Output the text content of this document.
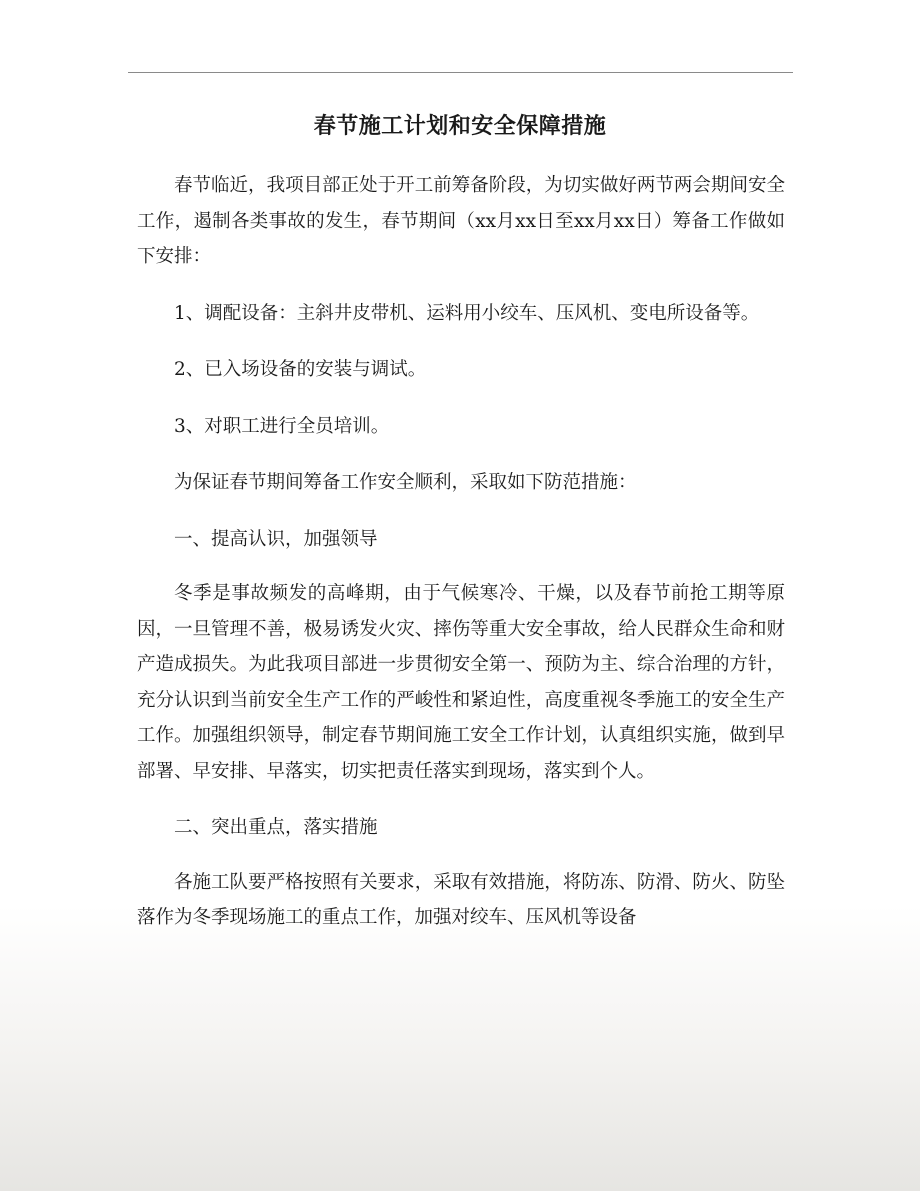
春节施工计划和安全保障措施

春节临近，我项目部正处于开工前筹备阶段，为切实做好两节两会期间安全工作，遏制各类事故的发生，春节期间（xx月xx日至xx月xx日）筹备工作做如下安排：

1、调配设备：主斜井皮带机、运料用小绞车、压风机、变电所设备等。

2、已入场设备的安装与调试。

3、对职工进行全员培训。

为保证春节期间筹备工作安全顺利，采取如下防范措施：

一、提高认识，加强领导

冬季是事故频发的高峰期，由于气候寒冷、干燥，以及春节前抢工期等原因，一旦管理不善，极易诱发火灾、摔伤等重大安全事故，给人民群众生命和财产造成损失。为此我项目部进一步贯彻安全第一、预防为主、综合治理的方针，充分认识到当前安全生产工作的严峻性和紧迫性，高度重视冬季施工的安全生产工作。加强组织领导，制定春节期间施工安全工作计划，认真组织实施，做到早部署、早安排、早落实，切实把责任落实到现场，落实到个人。

二、突出重点，落实措施

各施工队要严格按照有关要求，采取有效措施，将防冻、防滑、防火、防坠落作为冬季现场施工的重点工作，加强对绞车、压风机等设备
